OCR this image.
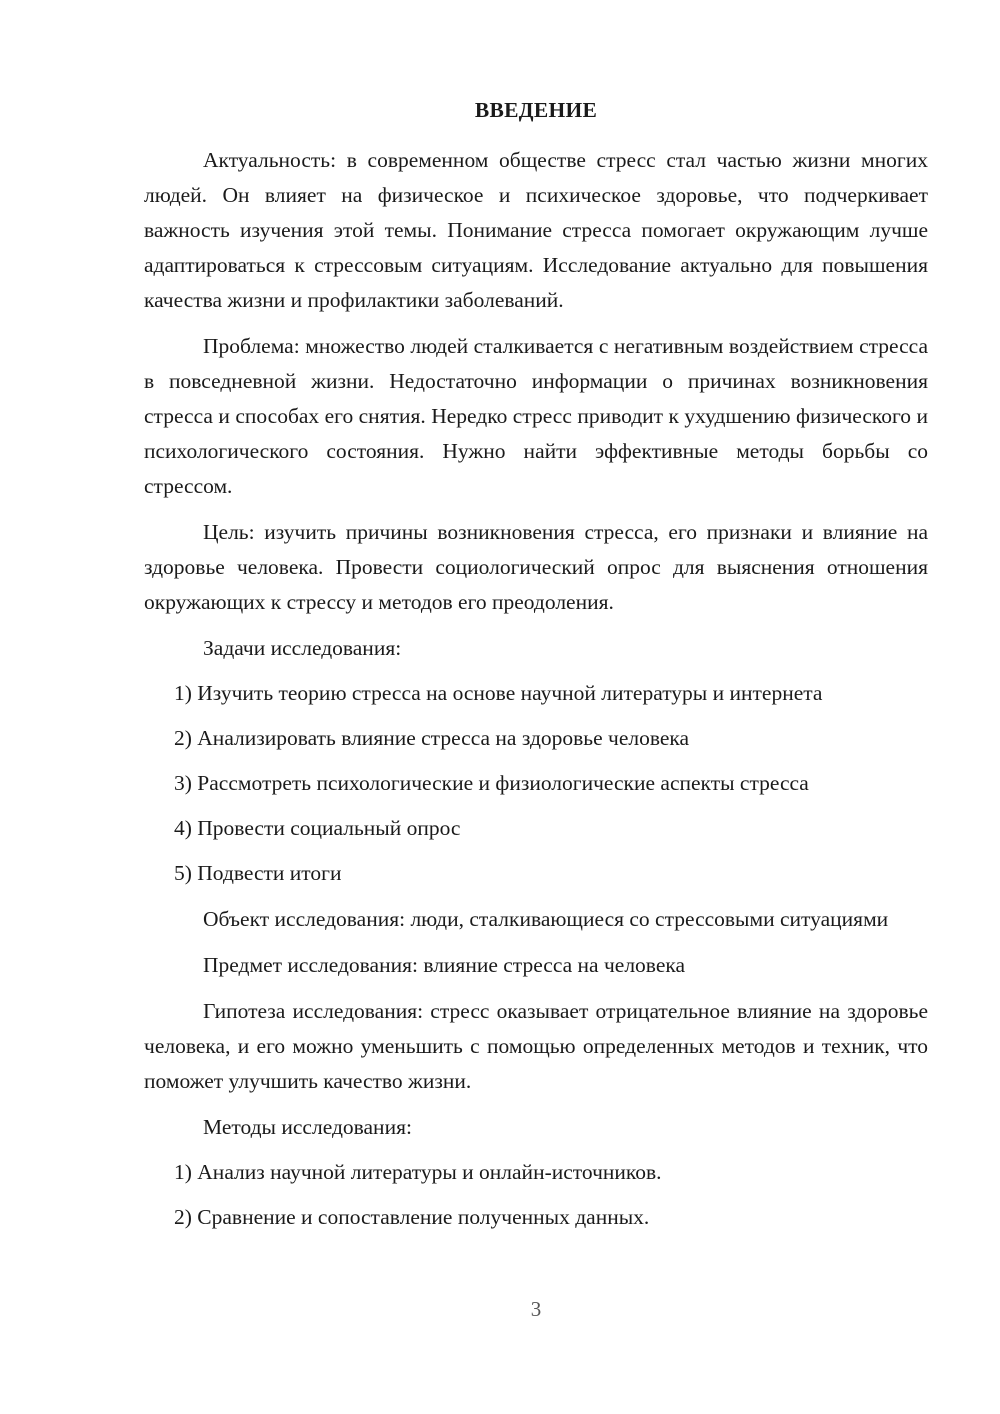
ВВЕДЕНИЕ

Актуальность: в современном обществе стресс стал частью жизни многих людей. Он влияет на физическое и психическое здоровье, что подчеркивает важность изучения этой темы. Понимание стресса помогает окружающим лучше адаптироваться к стрессовым ситуациям. Исследование актуально для повышения качества жизни и профилактики заболеваний.

Проблема: множество людей сталкивается с негативным воздействием стресса в повседневной жизни. Недостаточно информации о причинах возникновения стресса и способах его снятия. Нередко стресс приводит к ухудшению физического и психологического состояния. Нужно найти эффективные методы борьбы со стрессом.

Цель: изучить причины возникновения стресса, его признаки и влияние на здоровье человека. Провести социологический опрос для выяснения отношения окружающих к стрессу и методов его преодоления.

Задачи исследования:

1) Изучить теорию стресса на основе научной литературы и интернета

2) Анализировать влияние стресса на здоровье человека

3) Рассмотреть психологические и физиологические аспекты стресса

4) Провести социальный опрос

5) Подвести итоги

Объект исследования: люди, сталкивающиеся со стрессовыми ситуациями

Предмет исследования: влияние стресса на человека

Гипотеза исследования: стресс оказывает отрицательное влияние на здоровье человека, и его можно уменьшить с помощью определенных методов и техник, что поможет улучшить качество жизни.

Методы исследования:

1) Анализ научной литературы и онлайн-источников.

2) Сравнение и сопоставление полученных данных.

3
